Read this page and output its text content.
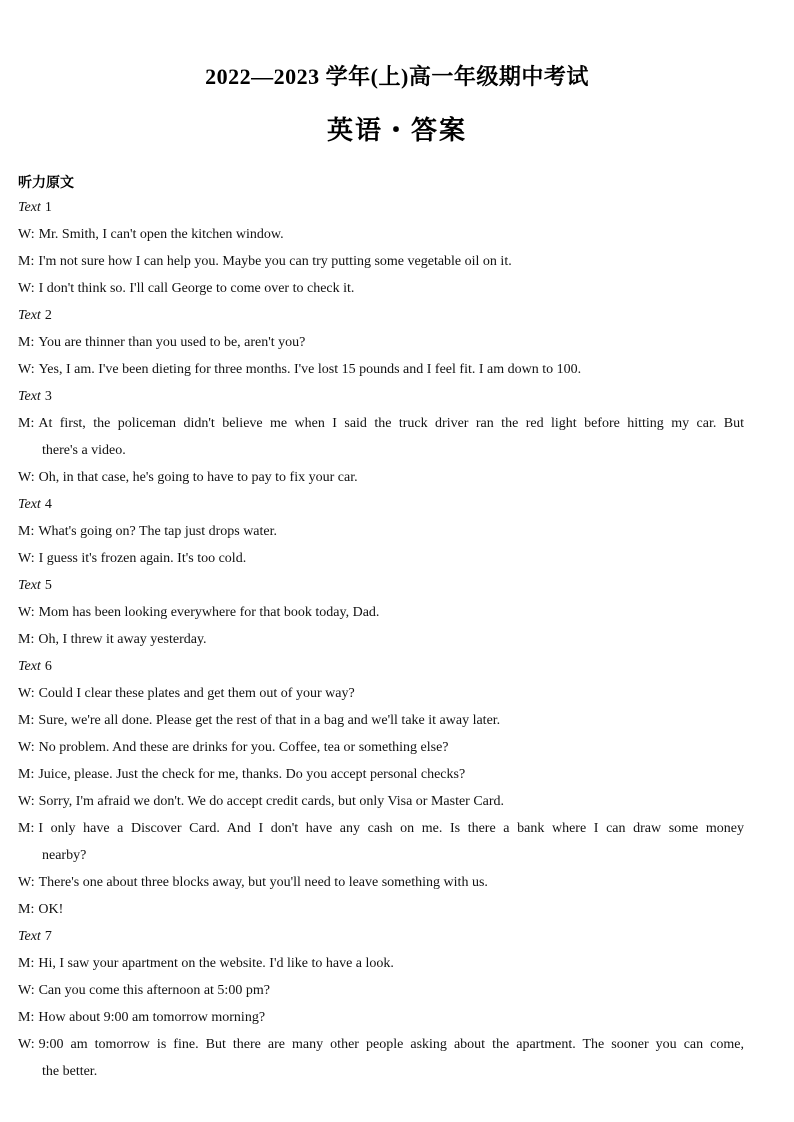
2022—2023 学年(上)高一年级期中考试
英语・答案
听力原文
Text 1
W: Mr. Smith, I can't open the kitchen window.
M: I'm not sure how I can help you. Maybe you can try putting some vegetable oil on it.
W: I don't think so. I'll call George to come over to check it.
Text 2
M: You are thinner than you used to be, aren't you?
W: Yes, I am. I've been dieting for three months. I've lost 15 pounds and I feel fit. I am down to 100.
Text 3
M: At first, the policeman didn't believe me when I said the truck driver ran the red light before hitting my car. But
there's a video.
W: Oh, in that case, he's going to have to pay to fix your car.
Text 4
M: What's going on? The tap just drops water.
W: I guess it's frozen again. It's too cold.
Text 5
W: Mom has been looking everywhere for that book today, Dad.
M: Oh, I threw it away yesterday.
Text 6
W: Could I clear these plates and get them out of your way?
M: Sure, we're all done. Please get the rest of that in a bag and we'll take it away later.
W: No problem. And these are drinks for you. Coffee, tea or something else?
M: Juice, please. Just the check for me, thanks. Do you accept personal checks?
W: Sorry, I'm afraid we don't. We do accept credit cards, but only Visa or Master Card.
M: I only have a Discover Card. And I don't have any cash on me. Is there a bank where I can draw some money
nearby?
W: There's one about three blocks away, but you'll need to leave something with us.
M: OK!
Text 7
M: Hi, I saw your apartment on the website. I'd like to have a look.
W: Can you come this afternoon at 5:00 pm?
M: How about 9:00 am tomorrow morning?
W: 9:00 am tomorrow is fine. But there are many other people asking about the apartment. The sooner you can come,
the better.
